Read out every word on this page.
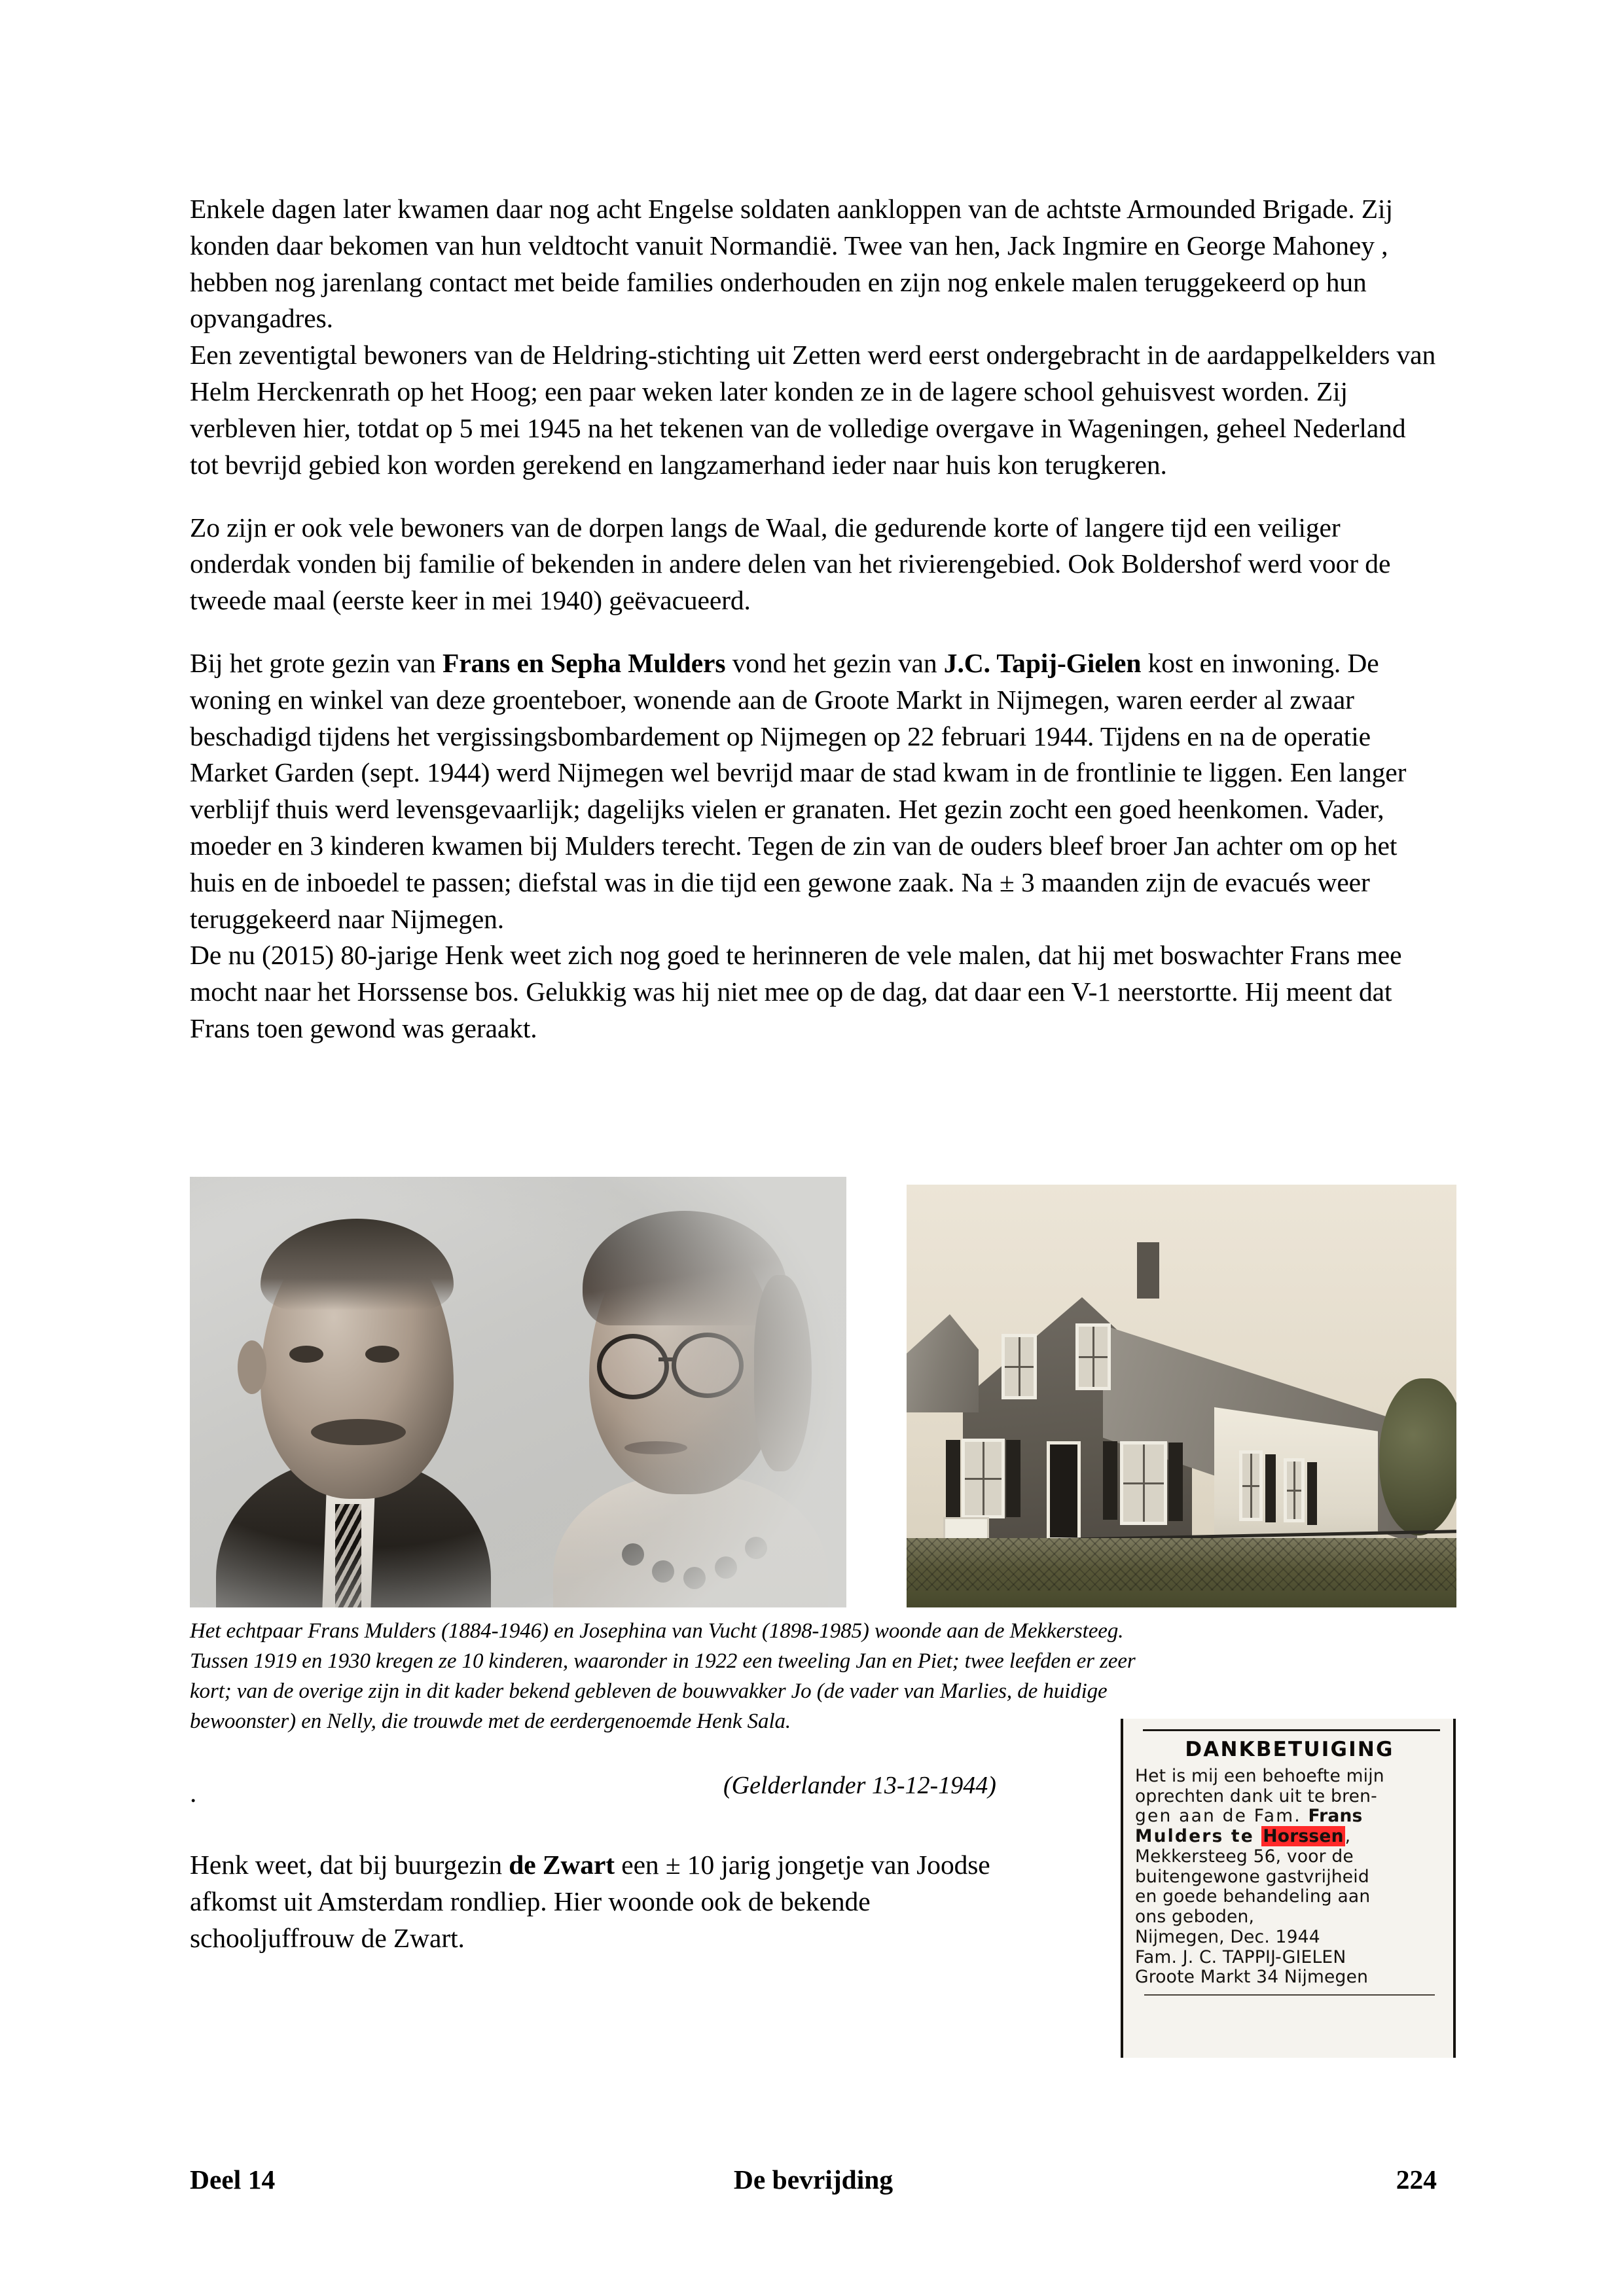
Enkele dagen later kwamen daar nog acht Engelse soldaten aankloppen van de achtste Armounded Brigade. Zij konden daar bekomen van hun veldtocht vanuit Normandië. Twee van hen, Jack Ingmire en George Mahoney , hebben nog jarenlang contact met beide families onderhouden en zijn nog enkele malen teruggekeerd op hun opvangadres.

Een zeventigtal bewoners van de Heldring-stichting uit Zetten werd eerst ondergebracht in de aardappelkelders van Helm Herckenrath op het Hoog; een paar weken later konden ze in de lagere school gehuisvest worden. Zij verbleven hier, totdat op 5 mei 1945 na het tekenen van de volledige overgave in Wageningen, geheel Nederland tot bevrijd gebied kon worden gerekend en langzamerhand ieder naar huis kon terugkeren.

Zo zijn er ook vele bewoners van de dorpen langs de Waal, die gedurende korte of langere tijd een veiliger onderdak vonden bij familie of bekenden in andere delen van het rivierengebied. Ook Boldershof werd voor de tweede maal (eerste keer in mei 1940) geëvacueerd.

Bij het grote gezin van Frans en Sepha Mulders vond het gezin van J.C. Tapij-Gielen kost en inwoning. De woning en winkel van deze groenteboer, wonende aan de Groote Markt in Nijmegen, waren eerder al zwaar beschadigd tijdens het vergissingsbombardement op Nijmegen op 22 februari 1944. Tijdens en na de operatie Market Garden (sept. 1944) werd Nijmegen wel bevrijd maar de stad kwam in de frontlinie te liggen. Een langer verblijf thuis werd levensgevaarlijk; dagelijks vielen er granaten. Het gezin zocht een goed heenkomen. Vader, moeder en 3 kinderen kwamen bij Mulders terecht. Tegen de zin van de ouders bleef broer Jan achter om op het huis en de inboedel te passen; diefstal was in die tijd een gewone zaak. Na ± 3 maanden zijn de evacués weer teruggekeerd naar Nijmegen.

De nu (2015) 80-jarige Henk weet zich nog goed te herinneren de vele malen, dat hij met boswachter Frans mee mocht naar het Horssense bos. Gelukkig was hij niet mee op de dag, dat daar een V-1 neerstortte. Hij meent dat Frans toen gewond was geraakt.

Het echtpaar Frans Mulders (1884-1946) en Josephina van Vucht (1898-1985) woonde aan de Mekkersteeg.

Tussen 1919 en 1930 kregen ze 10 kinderen, waaronder in 1922 een tweeling Jan en Piet; twee leefden er zeer

kort; van de overige zijn in dit kader bekend gebleven de bouwvakker Jo (de vader van Marlies, de huidige

bewoonster) en Nelly, die trouwde met de eerdergenoemde Henk Sala.

.	(Gelderlander 13-12-1944)

Henk weet, dat bij buurgezin de Zwart een ± 10 jarig jongetje van Joodse afkomst uit Amsterdam rondliep. Hier woonde ook de bekende schooljuffrouw de Zwart.

DANKBETUIGING
Het is mij een behoefte mijn
oprechten dank uit te bren-
gen aan de Fam. Frans
Mulders te Horssen,
Mekkersteeg 56, voor de
buitengewone gastvrijheid
en goede behandeling aan
ons geboden,
Nijmegen, Dec. 1944
Fam. J. C. TAPPIJ-GIELEN
Groote Markt 34 Nijmegen
Deel 14	De bevrijding	224
